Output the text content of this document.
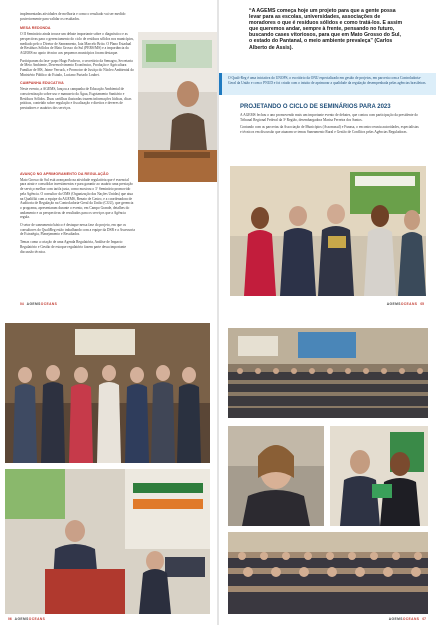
implementadas atividades de melhoria e como o resultado vai ser medido posteriormente para validar os resultados.

MESA REDONDA

O II Seminário ainda trouxe um debate importante sobre o diagnóstico e as perspectivas para o gerenciamento do ciclo de resíduos sólidos nos municípios, mediado pelo o Diretor de Saneamento, Iata Marcelo Brito. O Plano Estadual de Resíduos Sólidos de Mato Grosso do Sul (PERS/MS) e a importância da AGEMS no apoio técnico aos pequenos municípios foram destaque.

Participaram da fase- papo Hugo Pacheco, o secretário da Semagro, Secretaria de Meio Ambiente, Desenvolvimento Econômico, Produção e Agricultura Familiar de MS, Jaime Verruck, e Promotor de Justiça do Núcleo Ambiental do Ministério Público do Estado, Luciano Furtado Loubet.

CAMPANHA EDUCATIVA

Neste evento, a AGEMS, lançou a campanha de Educação Ambiental de conscientização sobre uso e manuseio da Água, Esgotamento Sanitário e Resíduos Sólidos. Duas cartilhas ilustradas trazem informações lúdicas, dicas práticas, conteúdo sobre regulação e fiscalização e direitos e deveres de prestadores e usuários dos serviços.

AVANÇO NO APRIMORAMENTO DA REGULAÇÃO

Mato Grosso do Sul está avançando na atividade regulatória que é essencial para atrair e consolidar investimentos e para garantir ao usuário uma prestação de serviço melhor com tarifa justa, como mostrou o 3º Seminário promovido pela Agência. O consultor da OMS (Organização das Nações Unidas) que atua na Qualifiki com a equipe da AGEMS, Renato de Castro, e a coordenadora de Auditoria de Regulação na Controladoria-Geral da União (CGU), que gerencia o programa, apresentaram durante o evento, em Campo Grande, detalhes do andamento e as perspectivas de resultados para os serviços que a Agência regula.

O setor de saneamento básico é destaque nessa fase do projeto, em que os consultores do QualiReg estão trabalhando com a equipe da DSB e a Assessoria de Estratégia, Planejamento e Resultados.

Temas como a criação de uma Agenda Regulatória, Análise de Impacto Regulatório e Gestão de estoque regulatório fazem parte dessa importante discussão técnica.

04 AGEMSOCEANS
“A AGEMS começa hoje um projeto para que a gente possa levar para as escolas, universidades, associações de moradores o que é resíduos sólidos e como tratá-los. E assim que queremos andar, sempre à frente, pensando no futuro, buscando cases vitoriosos, para que em Mato Grosso do Sul, o estado do Pantanal, o meio ambiente prevaleça” (Carlos Alberto de Assis).
O Quali-Reg é uma iniciativa do UNOPS, o escritório da ONU especializado em gestão de projetos, em parceria com a Controladoria- Geral da União e com o PNUD e foi criado com o intuito de aprimorar a qualidade da regulação desempenhada pelas agências brasileiras.
PROJETANDO O CICLO DE SEMINÁRIOS PARA 2023

A AGEMS fechou o ano promovendo mais um importante evento de debates, que contou com participação da presidente do Tribunal Regional Federal da 3ª Região, desembargadora Marisa Ferreira dos Santos.

Contando com as parcerias da Associação de Municípios (Assomasul) e Funasa, o encontro reuniu autoridades, especialistas e técnicos em discussão que atuaram se temas Saneamento Rural e Gestão de Conflitos pelas Agências Reguladoras.

AGEMSOCEANS 05
06 AGEMSOCEANS	AGEMSOCEANS 07
